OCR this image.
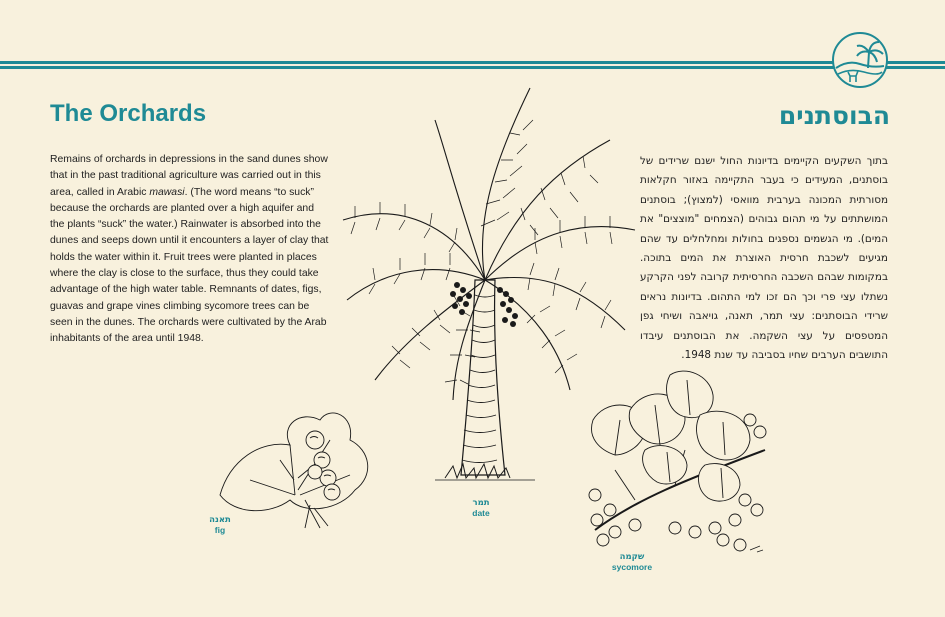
The Orchards	הבוסתנים

Remains of orchards in depressions in the sand dunes show that in the past traditional agriculture was carried out in this area, called in Arabic mawasi. (The word means “to suck” because the orchards are planted over a high aquifer and the plants “suck” the water.) Rainwater is absorbed into the dunes and seeps down until it encounters a layer of clay that holds the water within it. Fruit trees were planted in places where the clay is close to the surface, thus they could take advantage of the high water table. Remnants of dates, figs, guavas and grape vines climbing sycomore trees can be seen in the dunes. The orchards were cultivated by the Arab inhabitants of the area until 1948.

בתוך השקעים הקיימים בדיונות החול ישנם שרידים של בוסתנים, המעידים כי בעבר התקיימה באזור חקלאות מסורתית המכונה בערבית מוואסי (למצוץ); בוסתנים המושתתים על מי תהום גבוהים (הצמחים "מוצצים" את המים). מי הגשמים נספגים בחולות ומחלחלים עד שהם מגיעים לשכבת חרסית האוצרת את המים בתוכה. במקומות שבהם השכבה החרסיתית קרובה לפני הקרקע נשתלו עצי פרי וכך הם זכו למי התהום. בדיונות נראים שרידי הבוסתנים: עצי תמר, תאנה, גויאבה ושיחי גפן המטפסים על עצי השקמה. את הבוסתנים עיבדו התושבים הערבים שחיו בסביבה עד שנת 1948.

תאנה
fig
תמר
date
שקמה
sycomore
